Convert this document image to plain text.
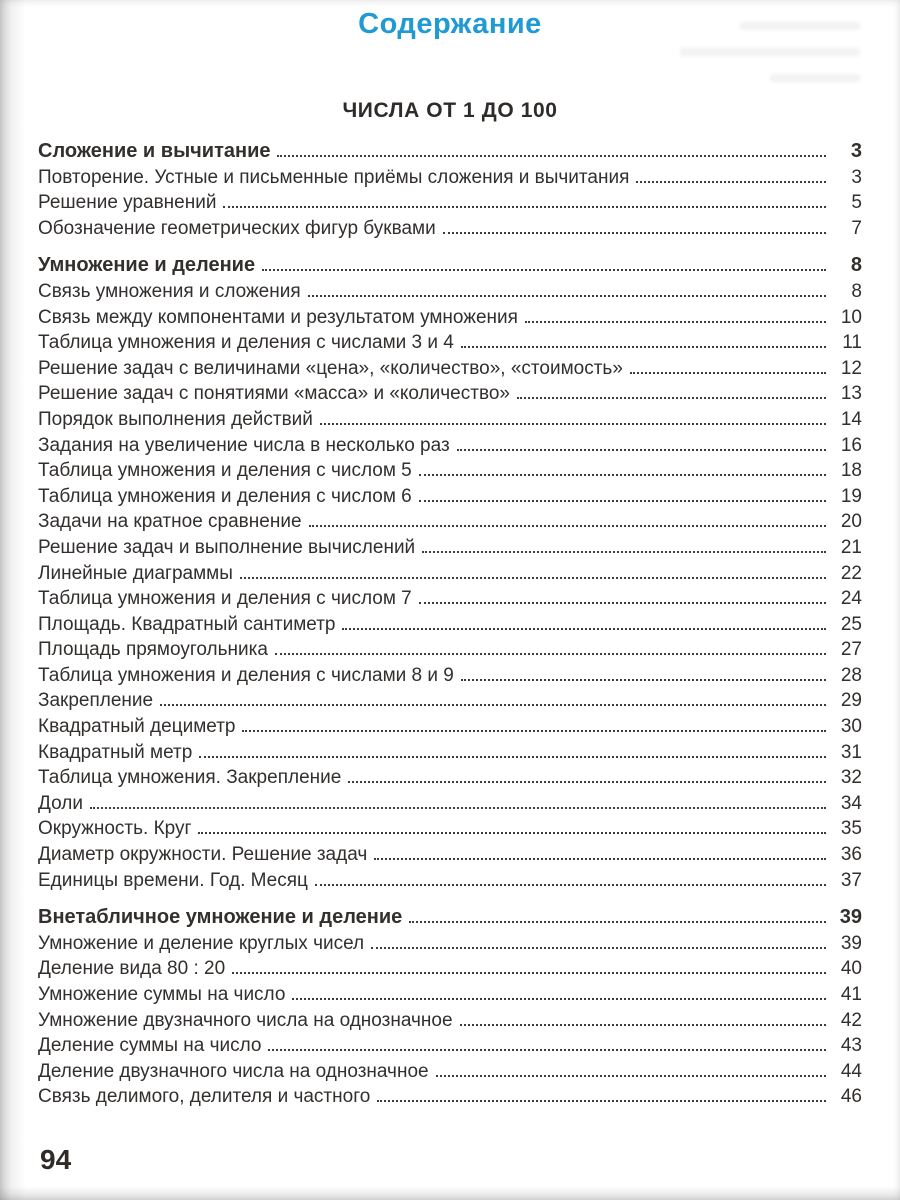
Содержание
ЧИСЛА ОТ 1 ДО 100
Сложение и вычитание	3
Повторение. Устные и письменные приёмы сложения и вычитания	3
Решение уравнений	5
Обозначение геометрических фигур буквами	7
Умножение и деление	8
Связь умножения и сложения	8
Связь между компонентами и результатом умножения	10
Таблица умножения и деления с числами 3 и 4	11
Решение задач с величинами «цена», «количество», «стоимость»	12
Решение задач с понятиями «масса» и «количество»	13
Порядок выполнения действий	14
Задания на увеличение числа в несколько раз	16
Таблица умножения и деления с числом 5	18
Таблица умножения и деления с числом 6	19
Задачи на кратное сравнение	20
Решение задач и выполнение вычислений	21
Линейные диаграммы	22
Таблица умножения и деления с числом 7	24
Площадь. Квадратный сантиметр	25
Площадь прямоугольника	27
Таблица умножения и деления с числами 8 и 9	28
Закрепление	29
Квадратный дециметр	30
Квадратный метр	31
Таблица умножения. Закрепление	32
Доли	34
Окружность. Круг	35
Диаметр окружности. Решение задач	36
Единицы времени. Год. Месяц	37
Внетабличное умножение и деление	39
Умножение и деление круглых чисел	39
Деление вида 80 : 20	40
Умножение суммы на число	41
Умножение двузначного числа на однозначное	42
Деление суммы на число	43
Деление двузначного числа на однозначное	44
Связь делимого, делителя и частного	46
94
